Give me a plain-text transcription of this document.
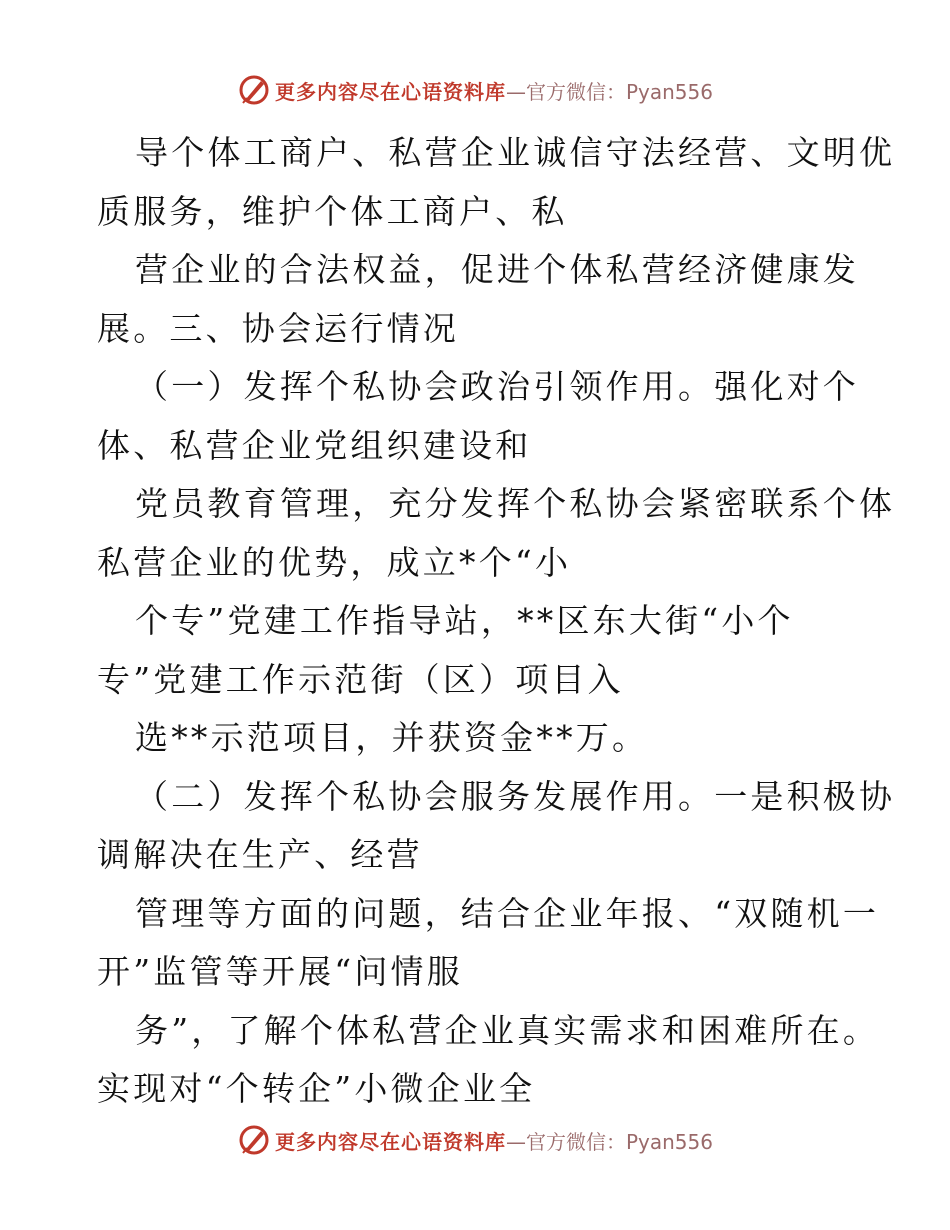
更多内容尽在心语资料库 —官方微信：Pyan556
导个体工商户、私营企业诚信守法经营、文明优
质服务，维护个体工商户、私
营企业的合法权益，促进个体私营经济健康发
展。三、协会运行情况
（一）发挥个私协会政治引领作用。强化对个
体、私营企业党组织建设和
党员教育管理，充分发挥个私协会紧密联系个体
私营企业的优势，成立*个“小
个专”党建工作指导站，**区东大街“小个
专”党建工作示范街（区）项目入
选**示范项目，并获资金**万。
（二）发挥个私协会服务发展作用。一是积极协
调解决在生产、经营
管理等方面的问题，结合企业年报、“双随机一
开”监管等开展“问情服
务”，了解个体私营企业真实需求和困难所在。
实现对“个转企”小微企业全
更多内容尽在心语资料库 —官方微信：Pyan556
